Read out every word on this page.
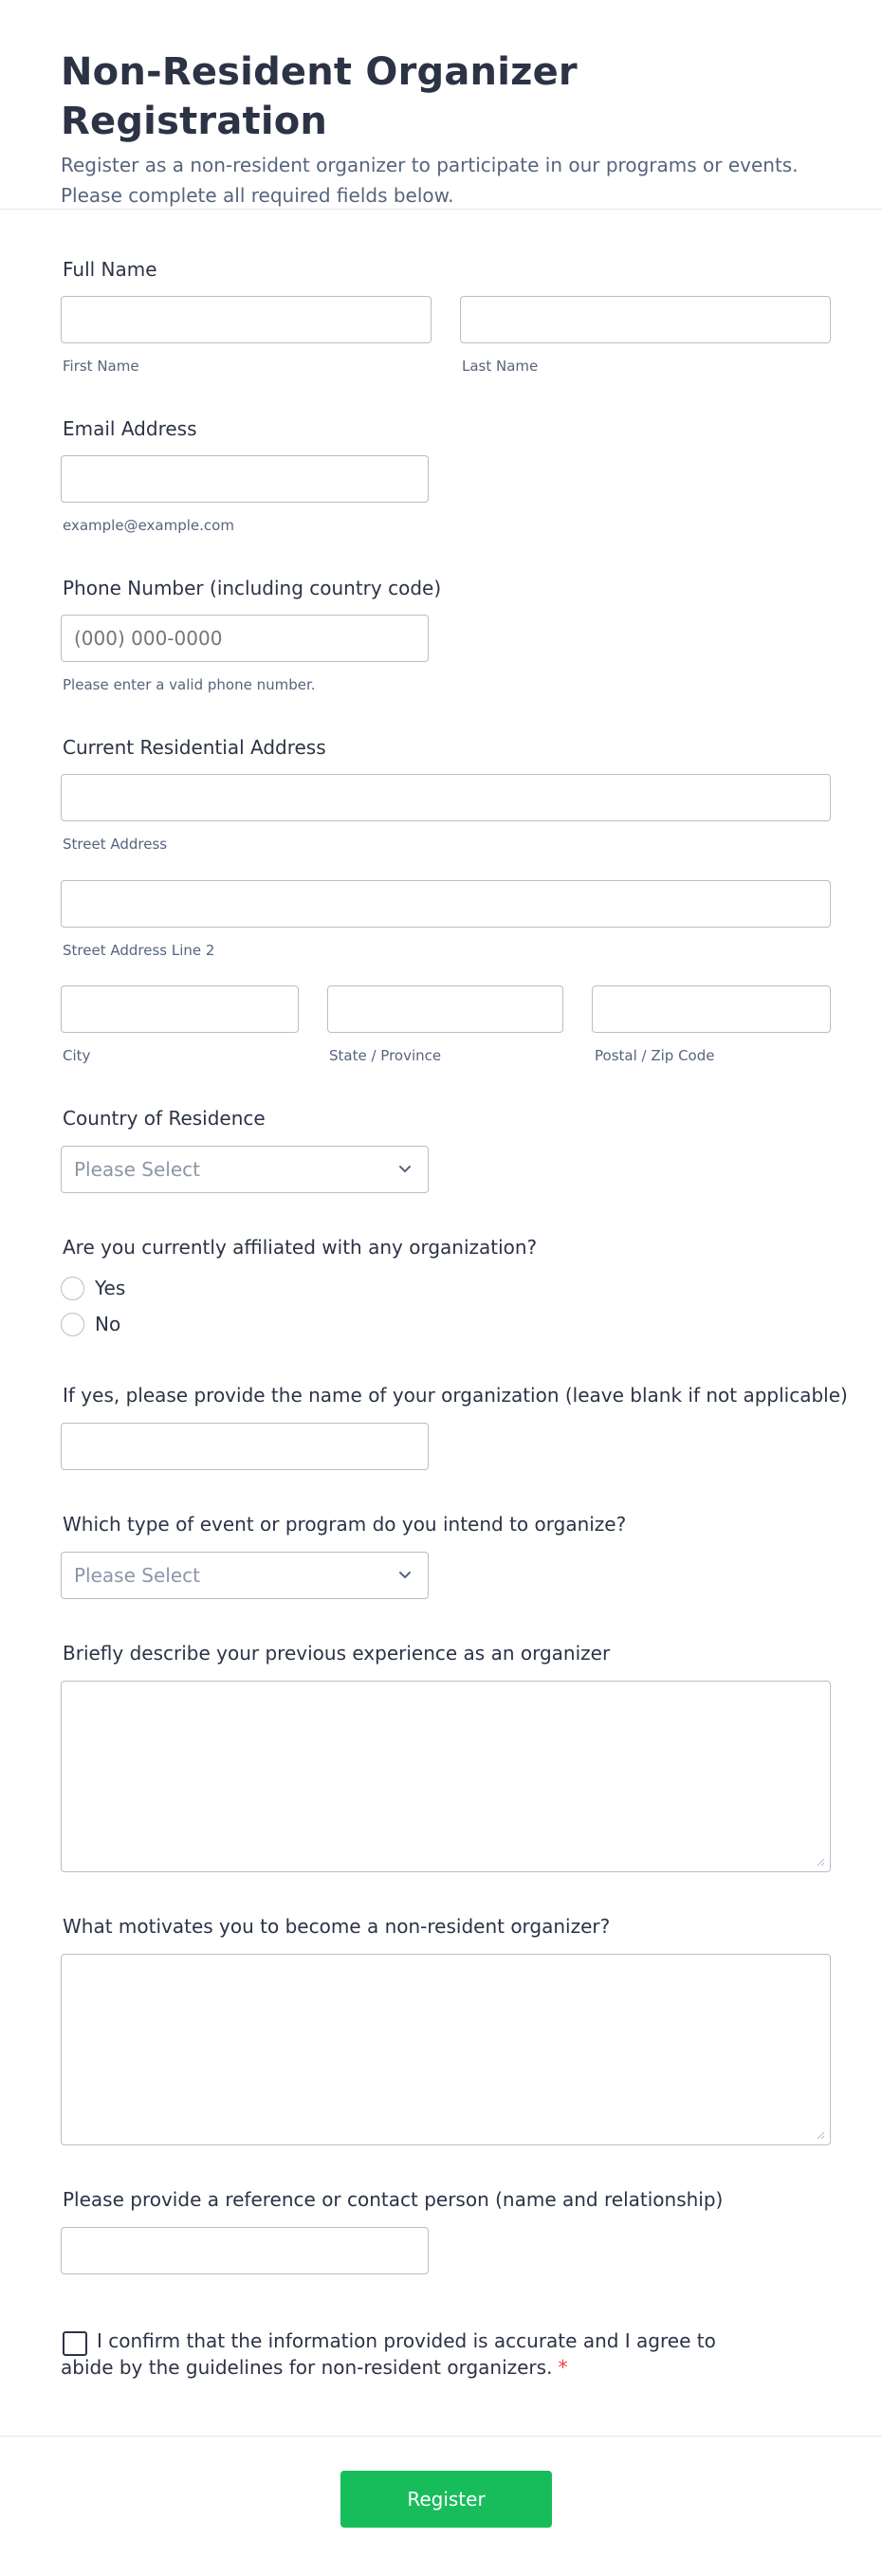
Non-Resident Organizer Registration

Register as a non-resident organizer to participate in our programs or events. Please complete all required fields below.

Full Name
First Name	Last Name
Email Address
example@example.com
Phone Number (including country code)
(000) 000-0000
Please enter a valid phone number.
Current Residential Address
Street Address
Street Address Line 2
City	State / Province	Postal / Zip Code
Country of Residence
Please Select
Are you currently affiliated with any organization?
Yes
No
If yes, please provide the name of your organization (leave blank if not applicable)
Which type of event or program do you intend to organize?
Please Select
Briefly describe your previous experience as an organizer
What motivates you to become a non-resident organizer?
Please provide a reference or contact person (name and relationship)
I confirm that the information provided is accurate and I agree to abide by the guidelines for non-resident organizers. *
Register
